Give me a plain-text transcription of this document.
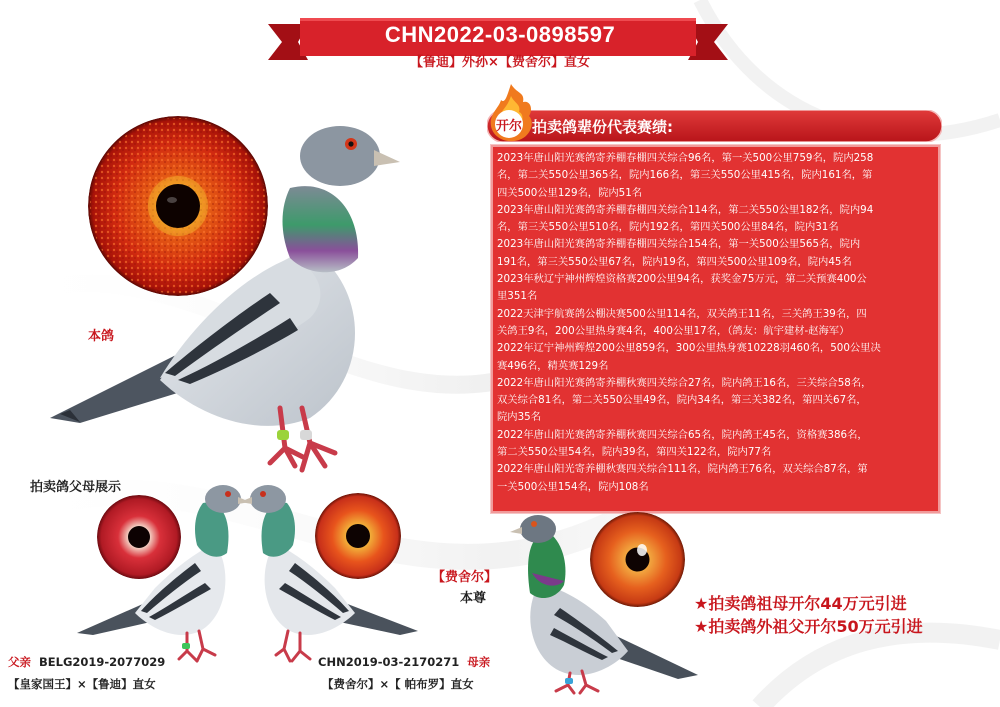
CHN2022-03-0898597
【鲁迪】外孙×【费舍尔】直女
本鸽
开尔 拍卖鸽辈份代表赛绩:

2023年唐山阳光赛鸽寄养棚春棚四关综合96名，第一关500公里759名，院内258

名，第二关550公里365名，院内166名，第三关550公里415名，院内161名，第

四关500公里129名，院内51名

2023年唐山阳光赛鸽寄养棚春棚四关综合114名，第二关550公里182名，院内94

名，第三关550公里510名，院内192名，第四关500公里84名，院内31名

2023年唐山阳光赛鸽寄养棚春棚四关综合154名，第一关500公里565名，院内

191名，第三关550公里67名，院内19名，第四关500公里109名，院内45名

2023年秋辽宁神州辉煌资格赛200公里94名，获奖金75万元，第二关预赛400公

里351名

2022天津宇航赛鸽公棚决赛500公里114名，双关鸽王11名，三关鸽王39名，四

关鸽王9名，200公里热身赛4名，400公里17名，（鸽友：航宇建材-赵海军）

2022年辽宁神州辉煌200公里859名，300公里热身赛10228羽460名，500公里决

赛496名，精英赛129名

2022年唐山阳光赛鸽寄养棚秋赛四关综合27名，院内鸽王16名，三关综合58名，

双关综合81名，第二关550公里49名，院内34名，第三关382名，第四关67名，

院内35名

2022年唐山阳光赛鸽寄养棚秋赛四关综合65名，院内鸽王45名，资格赛386名，

第二关550公里54名，院内39名，第四关122名，院内77名

2022年唐山阳光寄养棚秋赛四关综合111名，院内鸽王76名，双关综合87名，第

一关500公里154名，院内108名

拍卖鸽父母展示
父亲 BELG2019-2077029
【皇家国王】×【鲁迪】直女
CHN2019-03-2170271 母亲
【费舍尔】×【 帕布罗】直女
【费舍尔】
本尊	★拍卖鸽祖母开尔44万元引进
★拍卖鸽外祖父开尔50万元引进
